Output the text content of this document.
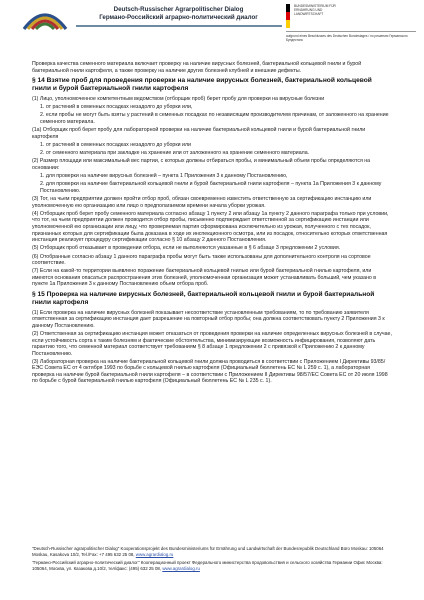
Deutsch-Russischer Agrarpolitischer Dialog
Германо-Российский аграрно-политический диалог
BUNDESMINISTERIUM FÜR ERNÄHRUNG UND LANDWIRTSCHAFT
aufgrund eines Beschlusses des Deutschen Bundestages / по решению Германского Бундестага

Проверка качества семенного материала включает проверку на наличие вирусных болезней, бактериальной кольцевой гнили и бурой бактериальной гнили картофеля, а также проверку на наличие других болезней клубней и внешние дефекты.

§ 14 Взятие проб для проведения проверки на наличие вирусных болезней, бактериальной кольцевой гнили и бурой бактериальной гнили картофеля

(1) Лицо, уполномоченное компетентным ведомством (отборщик проб) берет пробу для проверки на вирусные болезни

1. от растений в семенных посадках незадолго до уборки или,

2. если пробы не могут быть взяты у растений в семенных посадках по независящим производителем причинам, от заложенного на хранение семенного материала.

(1а) Отборщик проб берет пробу для лабораторной проверки на наличие бактериальной кольцевой гнили и бурой бактериальной гнили картофеля

1. от растений в семенных посадках незадолго до уборки или

2. от семенного материала при закладке на хранение или от заложенного на хранение семенного материала.

(2) Размер площади или максимальный вес партии, с которых должны отбираться пробы, и минимальный объем пробы определяются на основании:

1. для проверки на наличие вирусных болезней – пункта 1 Приложения 3 к данному Постановлению,

2. для проверки на наличие бактериальной кольцевой гнили и бурой бактериальной гнили картофеля – пункта 1а Приложения 3 к данному Постановлению.

(3) Тот, на чьем предприятии должен пройти отбор проб, обязан своевременно известить ответственную за сертификацию инстанцию или уполномоченную ею организацию или лицо о предполагаемом времени начала уборки урожая.

(4) Отборщик проб берет пробу семенного материала согласно абзацу 1 пункту 2 или абзацу 1а пункту 2 данного параграфа только при условии, что тот, на чьем предприятии должен проводится отбор пробы, письменно подтверждает ответственной за сертификацию инстанции или уполномоченной ею организации или лицу, что проверяемая партия сформирована исключительно из урожая, полученного с тех посадок, признанных которых для сертификации была доказана в ходе их инспекционного осмотра, или из посадок, относительно которых ответственная инстанция реализует процедуру сертификации согласно § 10 абзацу 2 данного Постановления.

(5) Отборщик проб отказывает в проведении отбора, если не выполняются указанные в § 6 абзаце 3 предложении 2 условия.

(6) Отобранные согласно абзацу 1 данного параграфа пробы могут быть также использованы для дополнительного контроля на сортовое соответствие.

(7) Если на какой-то территории выявлено поражение бактериальной кольцевой гнилью или бурой бактериальной гнилью картофеля, или имеются основания опасаться распространения этих болезней, уполномоченная организация может устанавливать больший, чем указано в пункте 1а Приложения 3 к данному Постановлению объем отбора проб.

§ 15 Проверка на наличие вирусных болезней, бактериальной кольцевой гнили и бурой бактериальной гнили картофеля

(1) Если проверка на наличие вирусных болезней показывает несоответствие установленным требованиям, то по требованию заявителя ответственная за сертификацию инстанция дает разрешение на повторный отбор пробы; она должна соответствовать пункту 2 Приложения 3 к данному Постановлению.

(2) Ответственная за сертификацию инстанция может отказаться от проведения проверки на наличие определенных вирусных болезней в случае, если устойчивость сорта к таким болезням и фактические обстоятельства, минимизирующие возможность инфицирования, позволяют дать гарантию того, что семенной материал соответствует требованиям § 8 абзаце 1 предложении 2 с привязкой к Приложению 2 к данному Постановлению.

(3) Лабораторная проверка на наличие бактериальной кольцевой гнили должна проводиться в соответствии с Приложением I Директивы 93/85/ЕЭС Совета ЕС от 4 октября 1993 по борьбе с кольцевой гнилью картофеля (Официальный бюллетень ЕС № L 259 с. 1), а лабораторная проверка на наличие бурой бактериальной гнили картофеля – в соответствии с Приложением II Директивы 98/57/ЕС Совета ЕС от 20 июля 1998 по борьбе с бурой бактериальной гнилью картофеля (Официальный бюллетень ЕС № L 235 с. 1).

"Deutsch-Russischer agrarpolitischer Dialog" Kooperationsprojekt des Bundesministeriums für Ernährung und Landwirtschaft der Bundesrepublik Deutschland Büro Moskau: 105064 Moskau, Kasakova 10/2, Tel./Fax: +7 495 632 25 08, www.agrardialog.ru

"Германо-Российский аграрно-политический диалог" Кооперационный проект Федерального министерства продовольствия и сельского хозяйства Германии Офис Москва: 105064, Москва, ул. Казакова д.10/2, тел/факс: (495) 632 25 08, www.agrardialog.ru
